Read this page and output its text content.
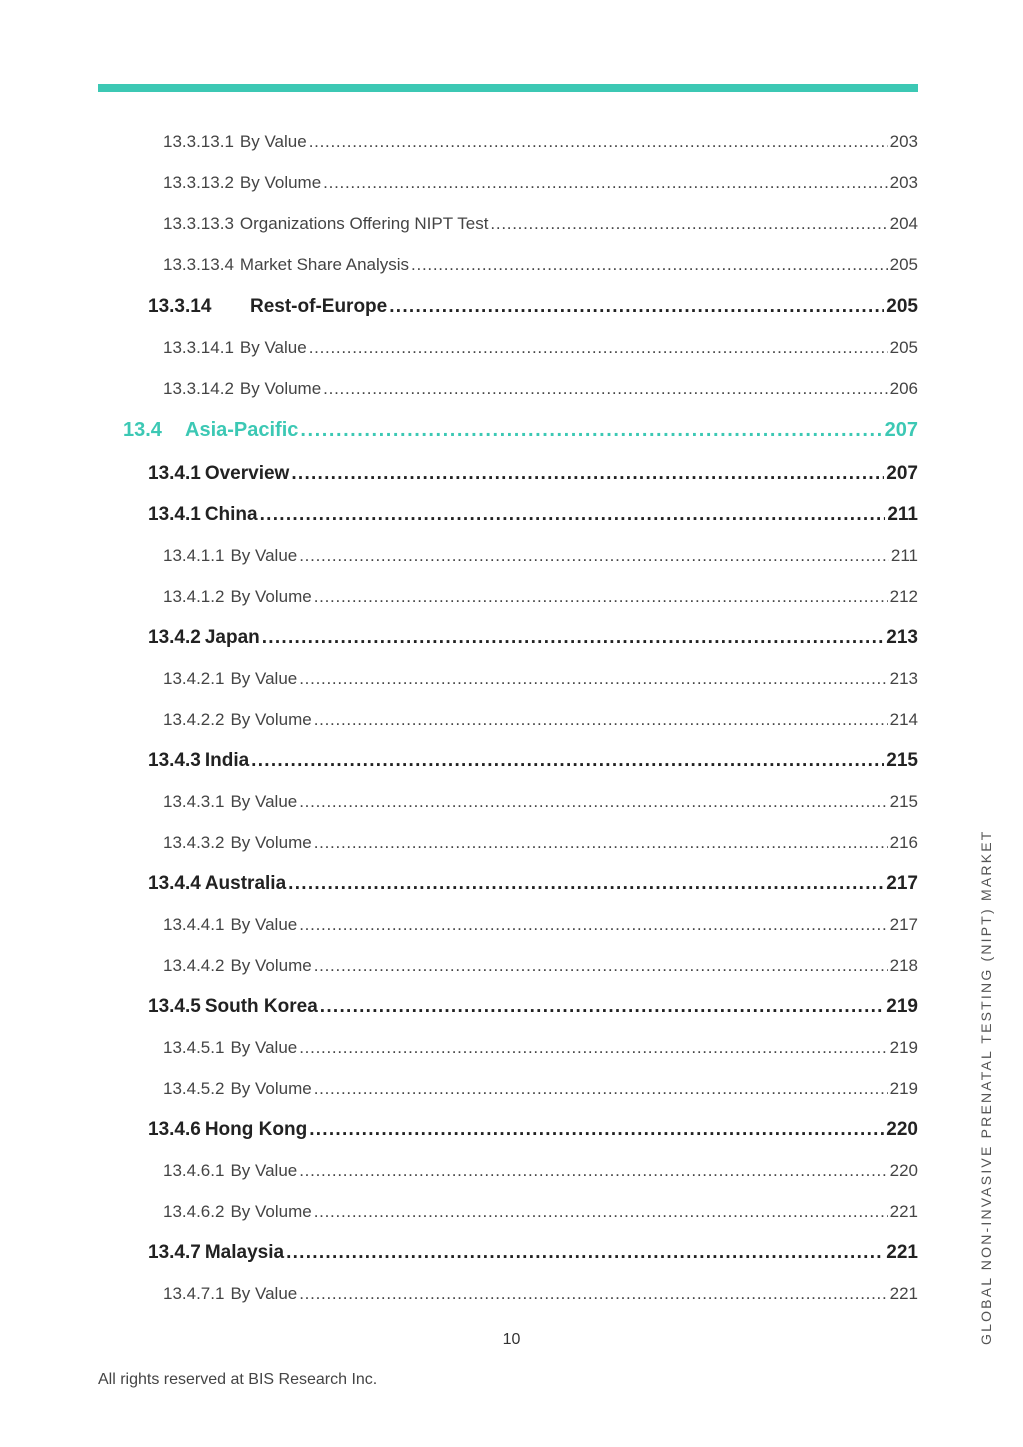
13.3.13.1 By Value . . .	203
13.3.13.2 By Volume . . .	203
13.3.13.3 Organizations Offering NIPT Test . . .	204
13.3.13.4 Market Share Analysis . . .	205
13.3.14	Rest-of-Europe . . .	205
13.3.14.1 By Value . . .	205
13.3.14.2 By Volume . . .	206
13.4	Asia-Pacific . . .	207
13.4.1 Overview . . .	207
13.4.1 China . . .	211
13.4.1.1 By Value . . .	211
13.4.1.2 By Volume . . .	212
13.4.2 Japan . . .	213
13.4.2.1 By Value . . .	213
13.4.2.2 By Volume . . .	214
13.4.3 India . . .	215
13.4.3.1 By Value . . .	215
13.4.3.2 By Volume . . .	216
13.4.4 Australia . . .	217
13.4.4.1 By Value . . .	217
13.4.4.2 By Volume . . .	218
13.4.5 South Korea . . .	219
13.4.5.1 By Value . . .	219
13.4.5.2 By Volume . . .	219
13.4.6 Hong Kong . . .	220
13.4.6.1 By Value . . .	220
13.4.6.2 By Volume . . .	221
13.4.7 Malaysia . . .	221
13.4.7.1 By Value . . .	221
10
All rights reserved at BIS Research Inc.
GLOBAL NON-INVASIVE PRENATAL TESTING (NIPT) MARKET
